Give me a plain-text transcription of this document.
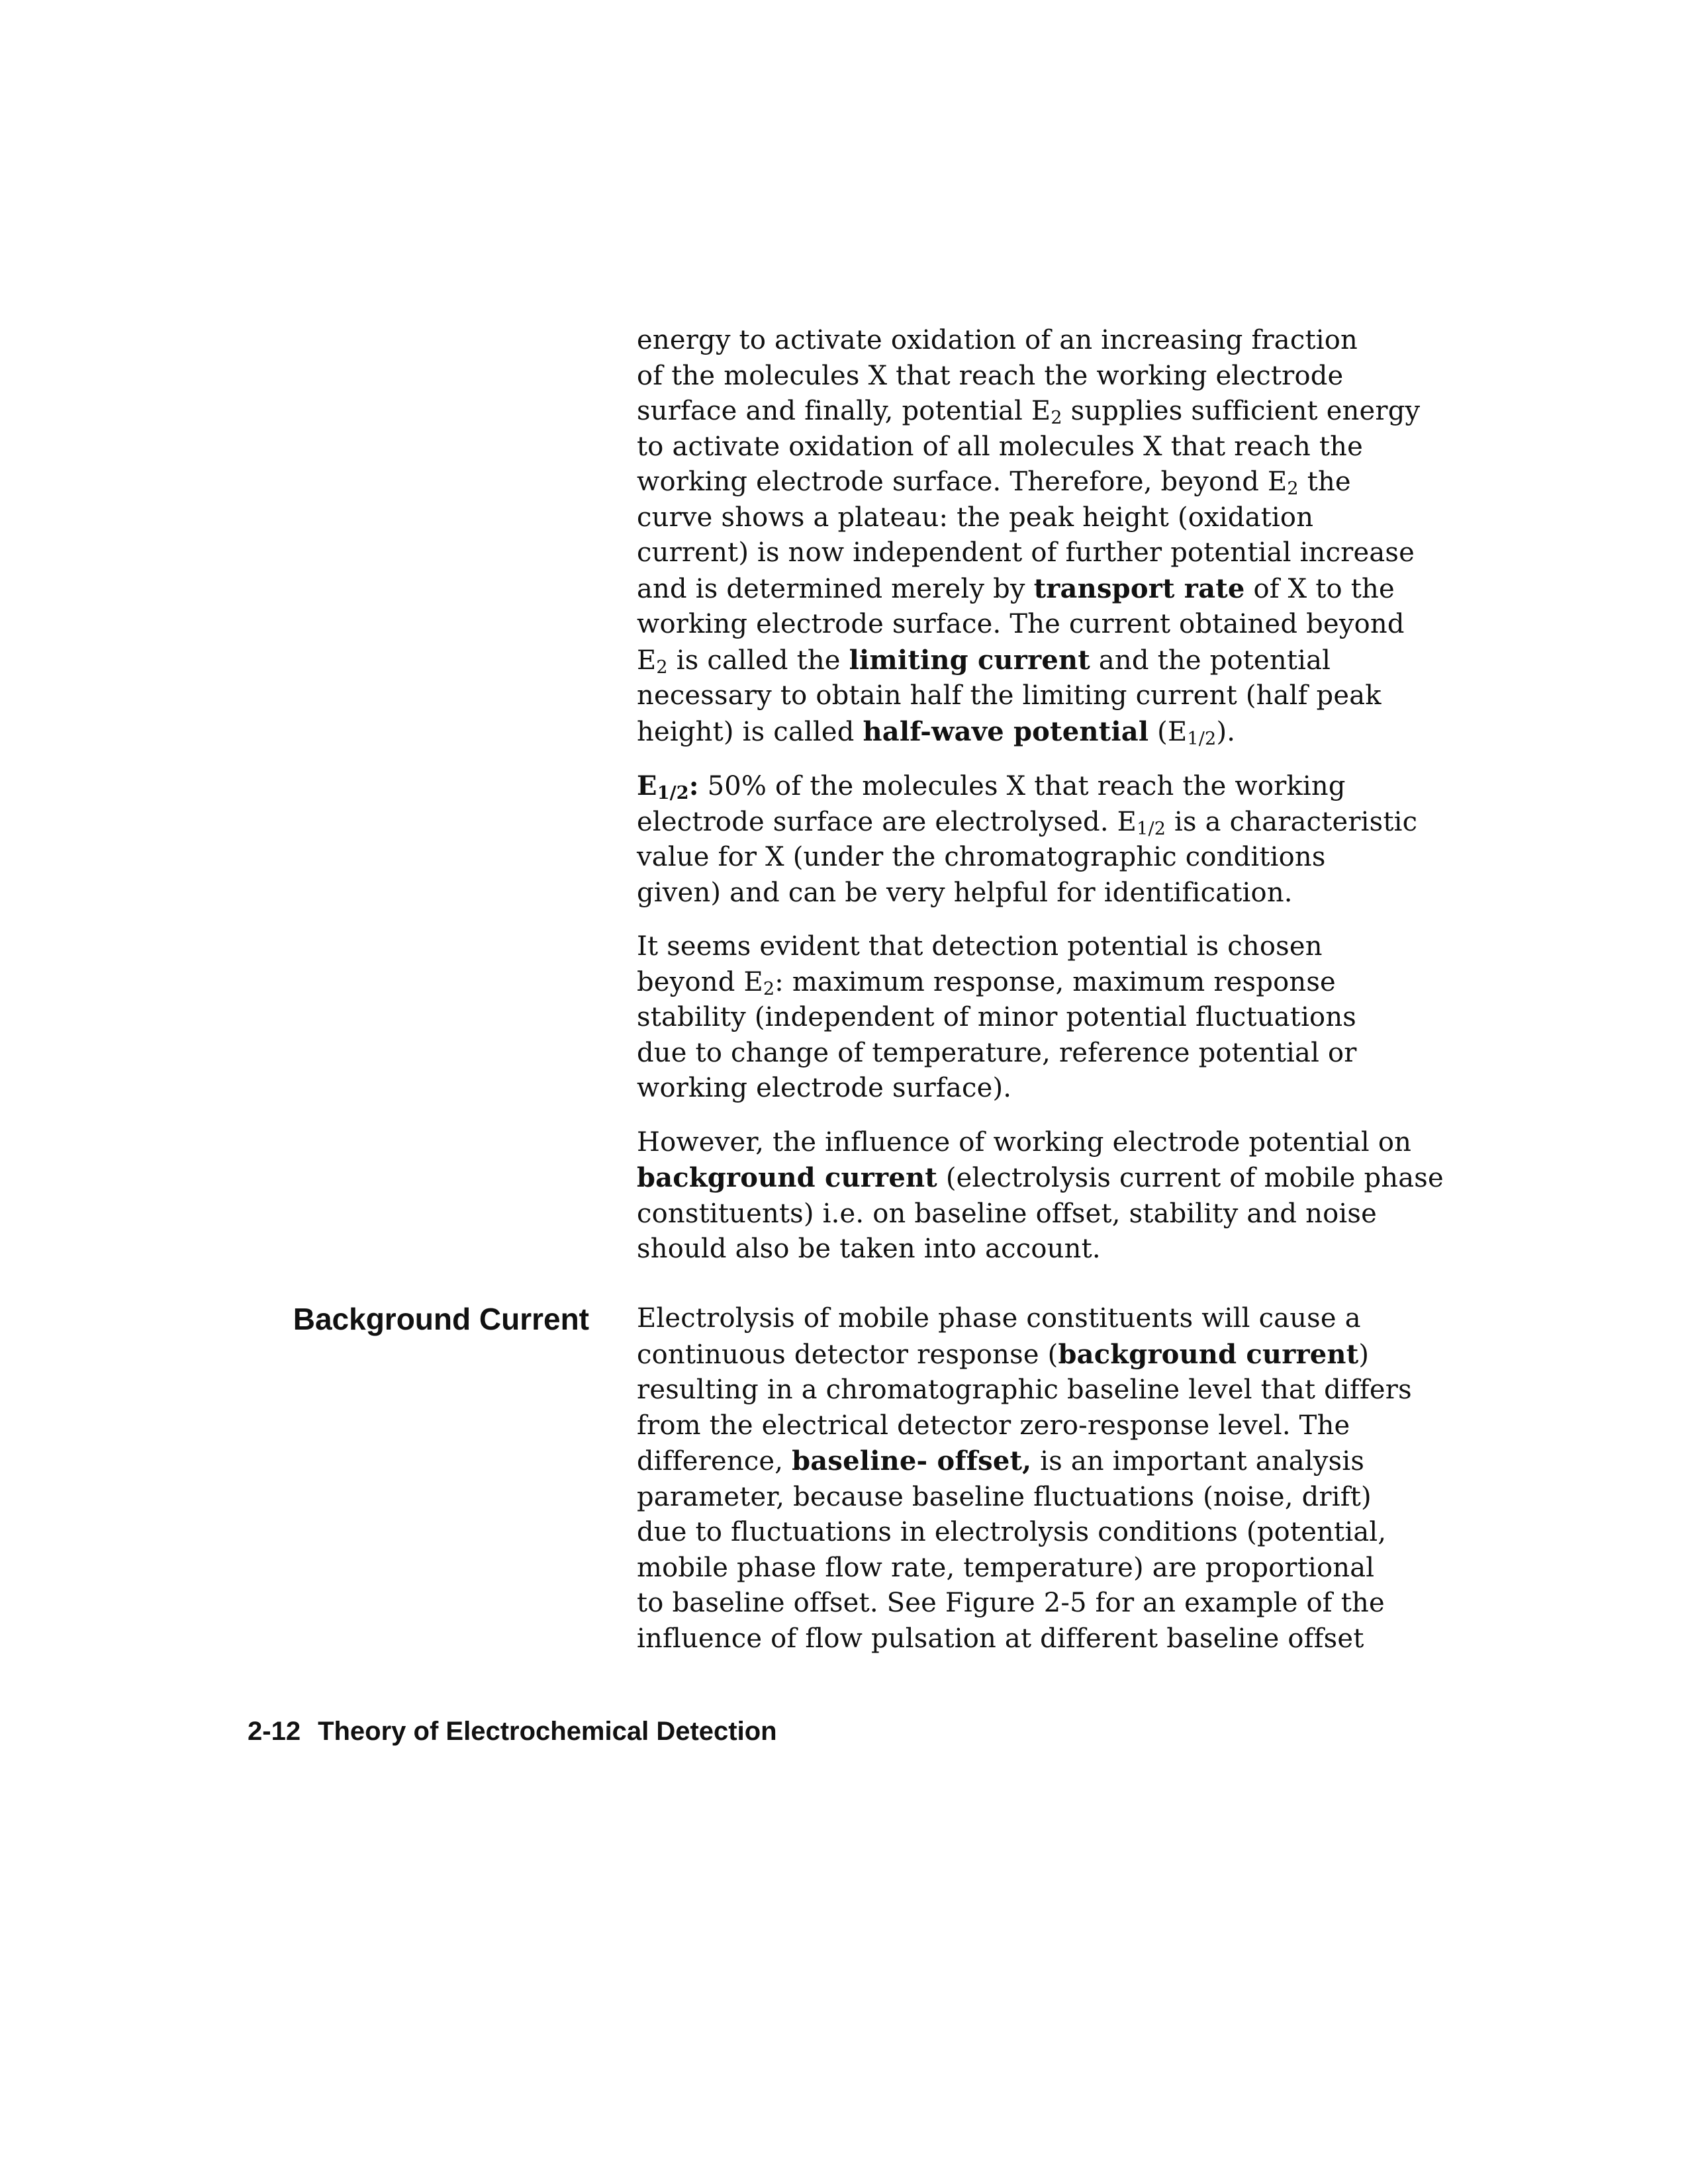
energy to activate oxidation of an increasing fraction
of the molecules X that reach the working electrode
surface and finally, potential $E_2$ supplies sufficient energy
to activate oxidation of all molecules X that reach the
working electrode surface. Therefore, beyond $E_2$ the
curve shows a plateau: the peak height (oxidation
current) is now independent of further potential increase
and is determined merely by transport rate of X to the
working electrode surface. The current obtained beyond
$E_2$ is called the limiting current and the potential
necessary to obtain half the limiting current (half peak
height) is called half-wave potential $(E_{1/2})$.

$E_{1/2}$: 50% of the molecules X that reach the working
electrode surface are electrolysed. $E_{1/2}$ is a characteristic
value for X (under the chromatographic conditions
given) and can be very helpful for identification.

It seems evident that detection potential is chosen
beyond $E_2$: maximum response, maximum response
stability (independent of minor potential fluctuations
due to change of temperature, reference potential or
working electrode surface).

However, the influence of working electrode potential on
background current (electrolysis current of mobile phase
constituents) i.e. on baseline offset, stability and noise
should also be taken into account.

Background Current Electrolysis of mobile phase constituents will cause a
continuous detector response (background current)
resulting in a chromatographic baseline level that differs
from the electrical detector zero-response level. The
difference, baseline- offset, is an important analysis
parameter, because baseline fluctuations (noise, drift)
due to fluctuations in electrolysis conditions (potential,
mobile phase flow rate, temperature) are proportional
to baseline offset. See Figure 2-5 for an example of the
influence of flow pulsation at different baseline offset

2-12 Theory of Electrochemical Detection
